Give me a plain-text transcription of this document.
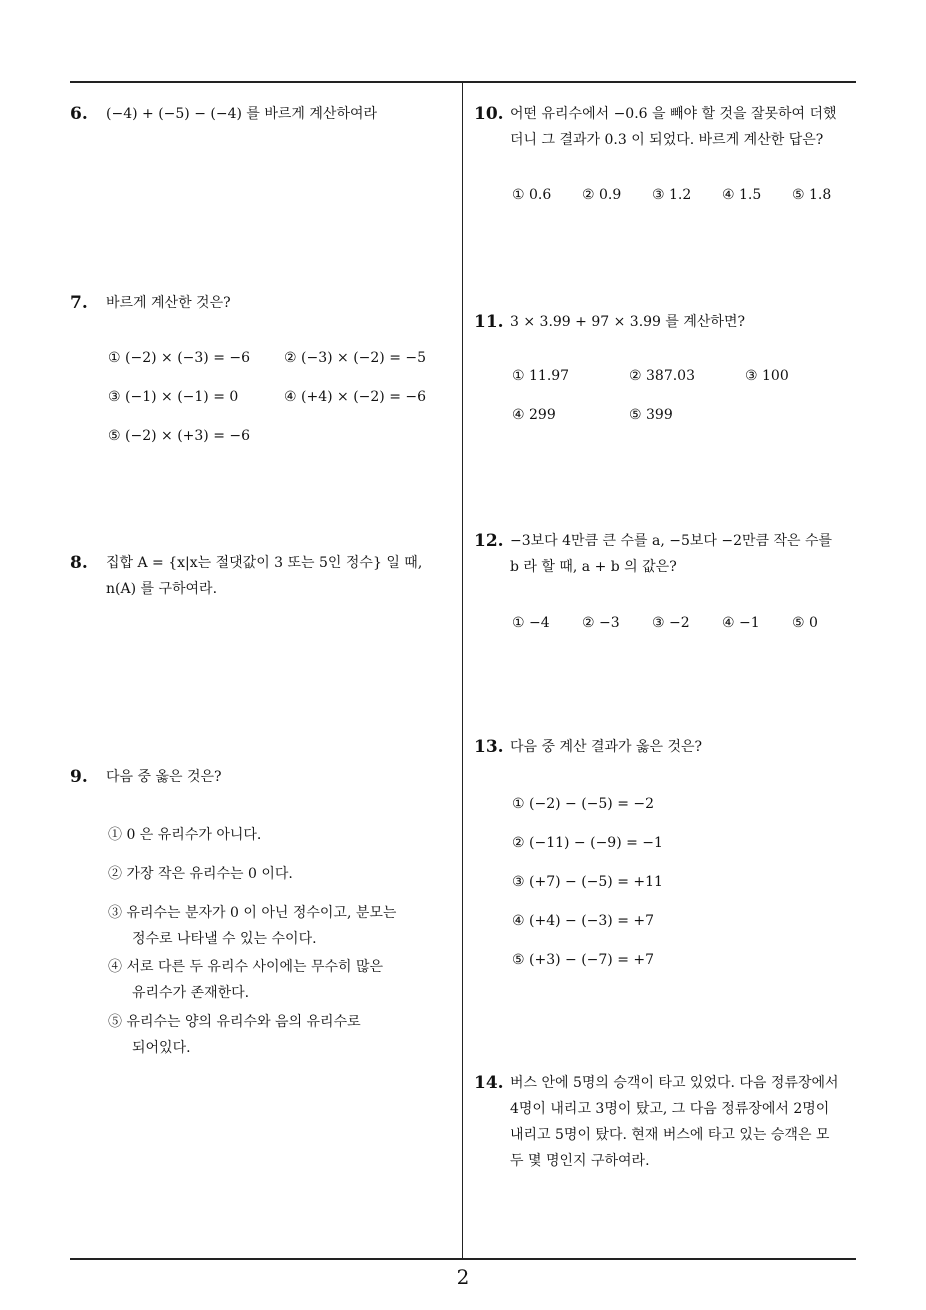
6. (−4) + (−5) − (−4) 를 바르게 계산하여라
7. 바르게 계산한 것은?
① (−2) × (−3) = −6 ② (−3) × (−2) = −5
③ (−1) × (−1) = 0	④ (+4) × (−2) = −6
⑤ (−2) × (+3) = −6
8. 집합 A = {x|x는 절댓값이 3 또는 5인 정수} 일 때,
n(A) 를 구하여라.
9. 다음 중 옳은 것은?
① 0 은 유리수가 아니다.
② 가장 작은 유리수는 0 이다.
③ 유리수는 분자가 0 이 아닌 정수이고, 분모는
정수로 나타낼 수 있는 수이다.
④ 서로 다른 두 유리수 사이에는 무수히 많은
유리수가 존재한다.
⑤ 유리수는 양의 유리수와 음의 유리수로
되어있다.
10. 어떤 유리수에서 −0.6 을 빼야 할 것을 잘못하여 더했
더니 그 결과가 0.3 이 되었다. 바르게 계산한 답은?
① 0.6 ② 0.9 ③ 1.2 ④ 1.5 ⑤ 1.8
11. 3 × 3.99 + 97 × 3.99 를 계산하면?
① 11.97	② 387.03	③ 100
④ 299	⑤ 399
12. −3보다 4만큼 큰 수를 a, −5보다 −2만큼 작은 수를
b 라 할 때, a + b 의 값은?
① −4 ② −3 ③ −2 ④ −1 ⑤ 0
13. 다음 중 계산 결과가 옳은 것은?
① (−2) − (−5) = −2
② (−11) − (−9) = −1
③ (+7) − (−5) = +11
④ (+4) − (−3) = +7
⑤ (+3) − (−7) = +7
14. 버스 안에 5명의 승객이 타고 있었다. 다음 정류장에서
4명이 내리고 3명이 탔고, 그 다음 정류장에서 2명이
내리고 5명이 탔다. 현재 버스에 타고 있는 승객은 모
두 몇 명인지 구하여라.
2
